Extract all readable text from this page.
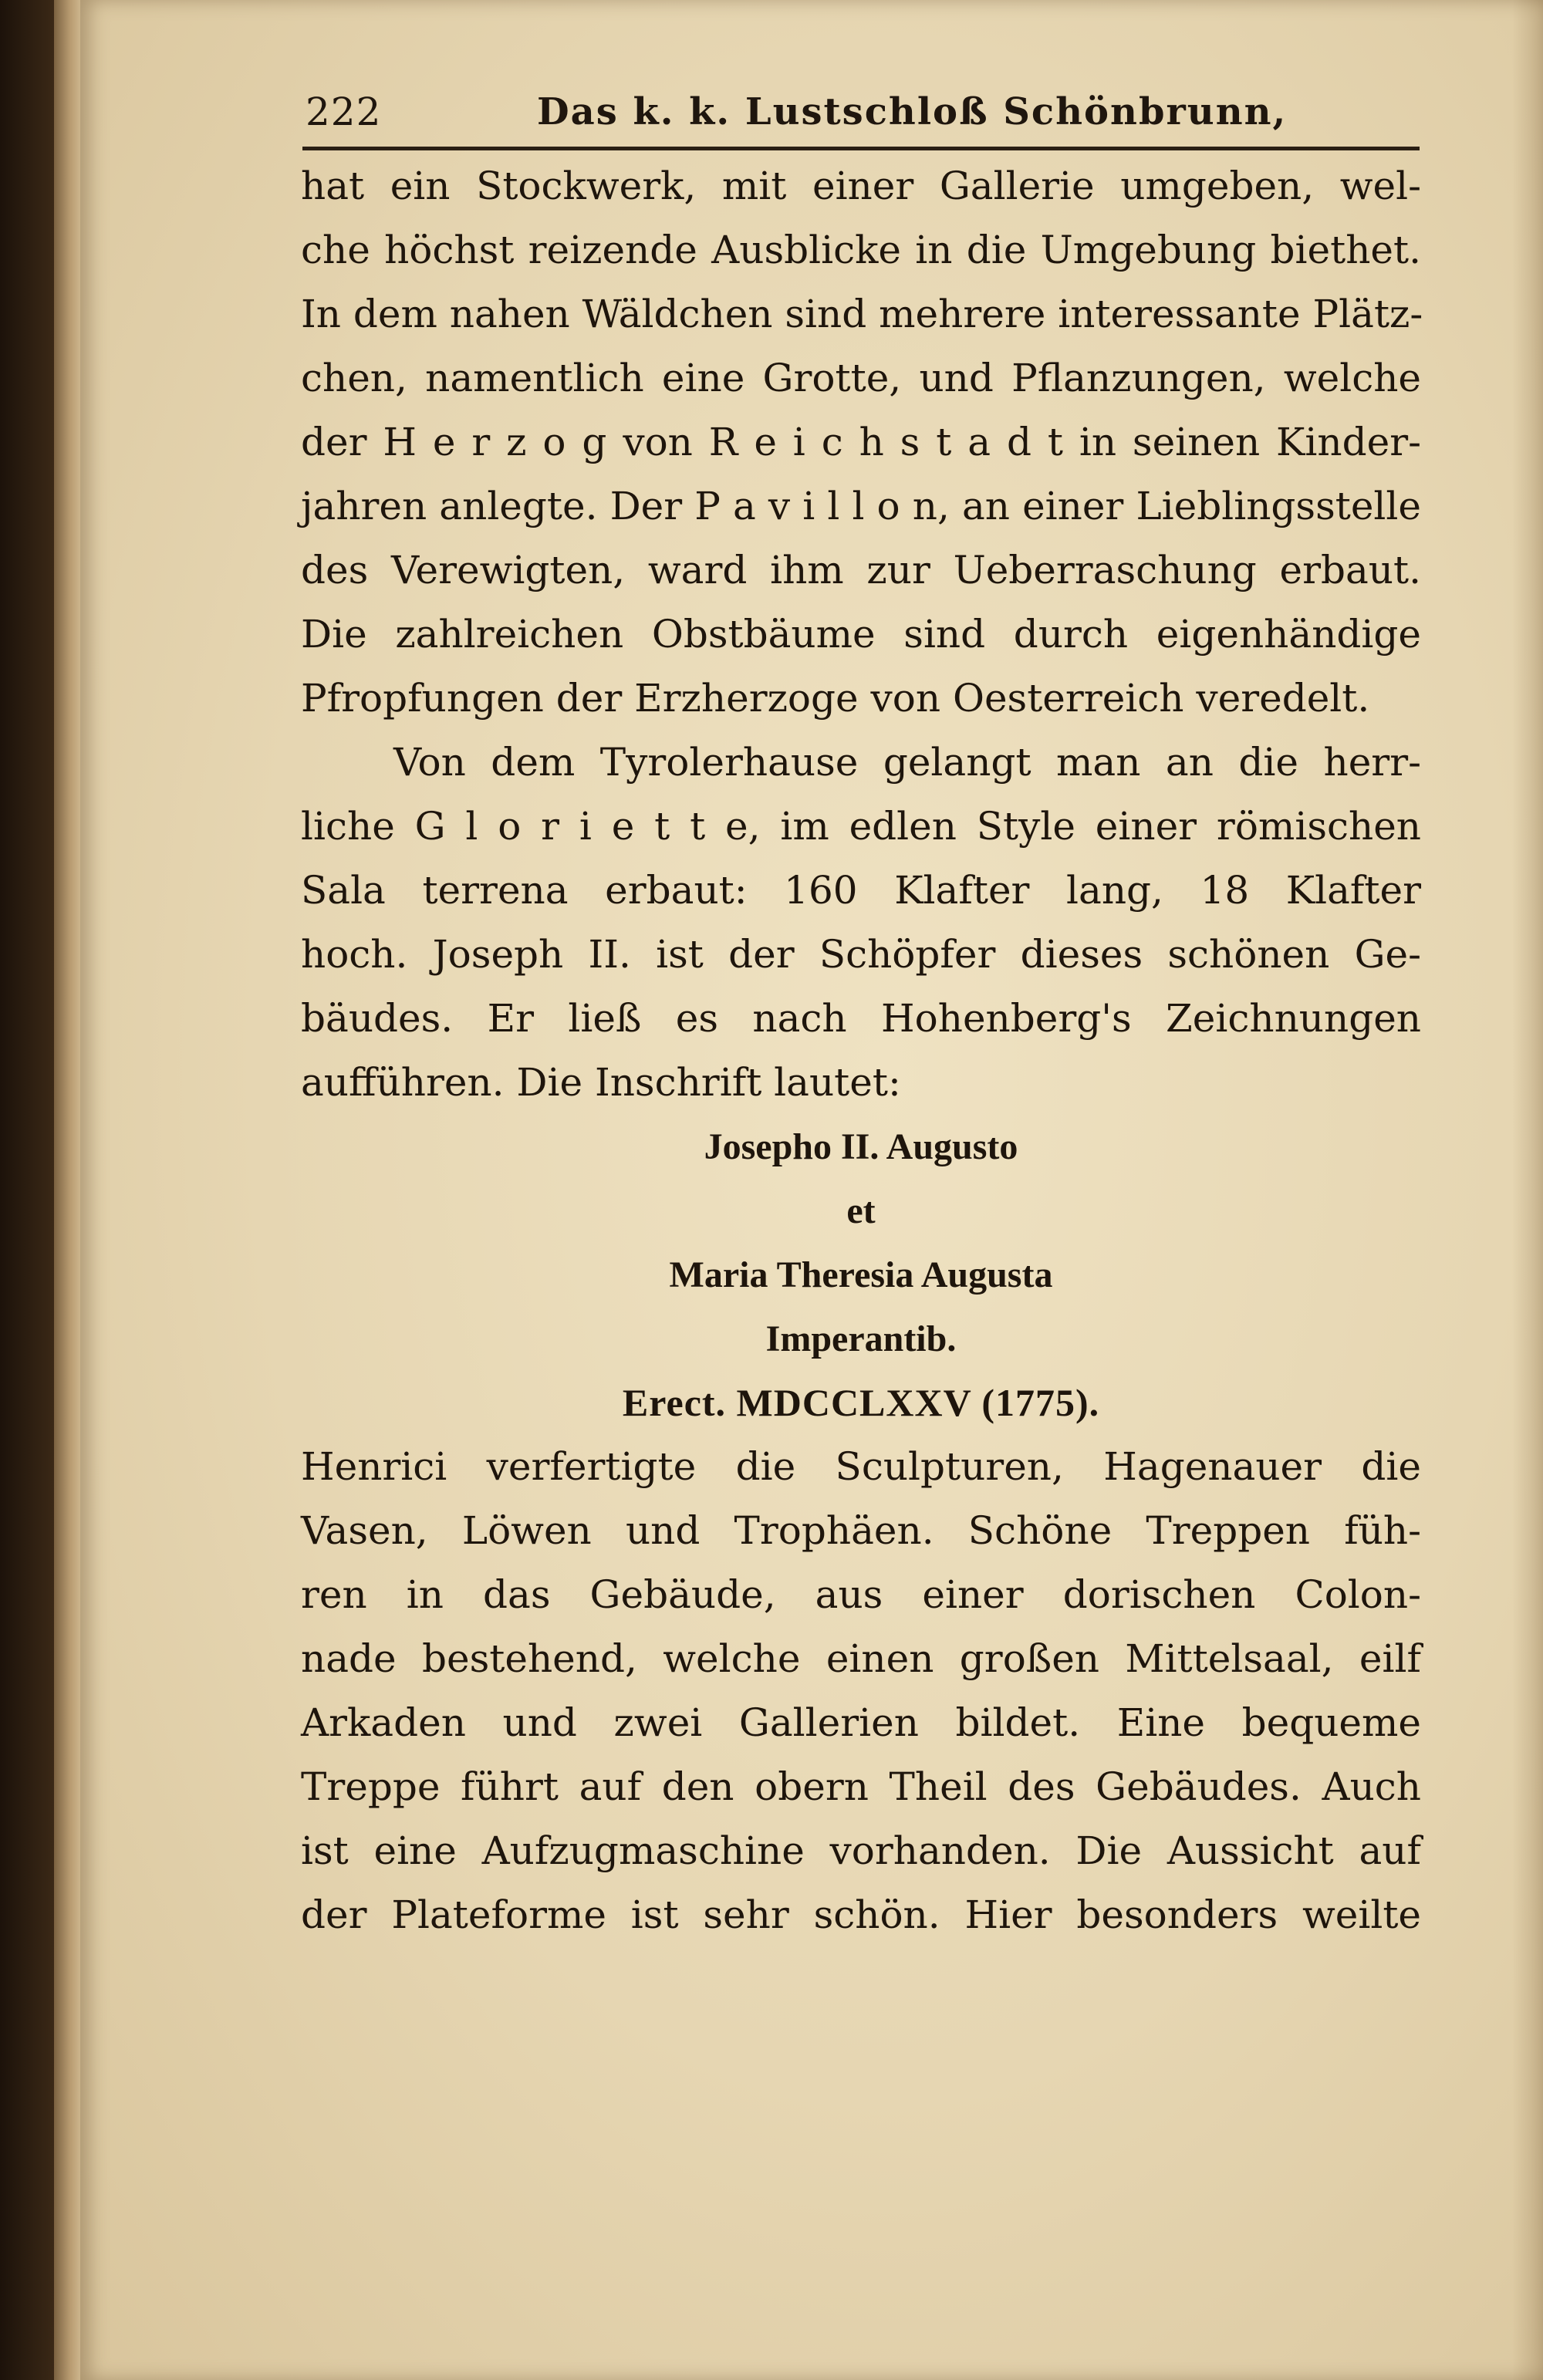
222	Das k. k. Lustschloß Schönbrunn,
hat ein Stockwerk, mit einer Gallerie umgeben, wel-
che höchst reizende Ausblicke in die Umgebung biethet.
In dem nahen Wäldchen sind mehrere interessante Plätz-
chen, namentlich eine Grotte, und Pflanzungen, welche
der H e r z o g von R e i c h s t a d t in seinen Kinder-
jahren anlegte. Der P a v i l l o n, an einer Lieblingsstelle
des Verewigten, ward ihm zur Ueberraschung erbaut.
Die zahlreichen Obstbäume sind durch eigenhändige
Pfropfungen der Erzherzoge von Oesterreich veredelt.
Von dem Tyrolerhause gelangt man an die herr-
liche G l o r i e t t e, im edlen Style einer römischen
Sala terrena erbaut: 160 Klafter lang, 18 Klafter
hoch. Joseph II. ist der Schöpfer dieses schönen Ge-
bäudes. Er ließ es nach Hohenberg's Zeichnungen
aufführen. Die Inschrift lautet:
Josepho II. Augusto
et
Maria Theresia Augusta
Imperantib.
Erect. MDCCLXXV (1775).
Henrici verfertigte die Sculpturen, Hagenauer die
Vasen, Löwen und Trophäen. Schöne Treppen füh-
ren in das Gebäude, aus einer dorischen Colon-
nade bestehend, welche einen großen Mittelsaal, eilf
Arkaden und zwei Gallerien bildet. Eine bequeme
Treppe führt auf den obern Theil des Gebäudes. Auch
ist eine Aufzugmaschine vorhanden. Die Aussicht auf
der Plateforme ist sehr schön. Hier besonders weilte
